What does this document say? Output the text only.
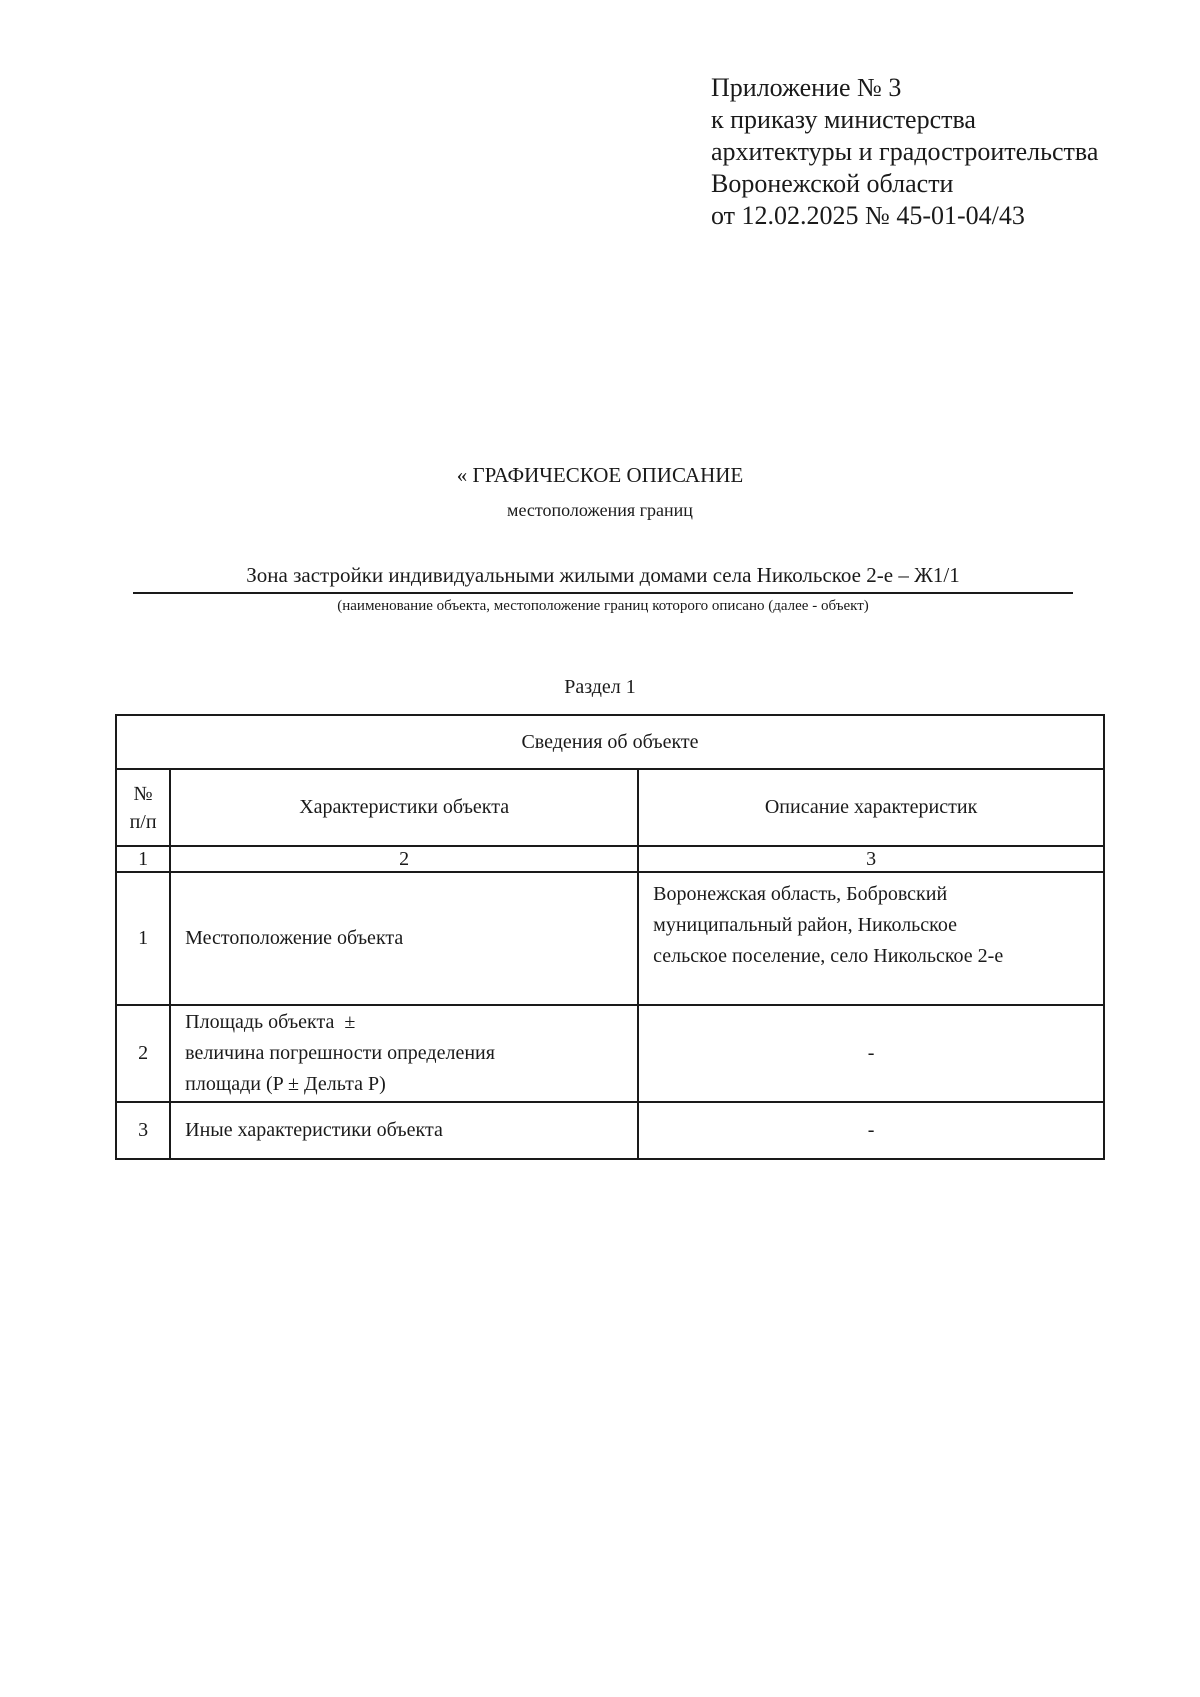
Приложение № 3
к приказу министерства
архитектуры и градостроительства
Воронежской области
от 12.02.2025 № 45-01-04/43
« ГРАФИЧЕСКОЕ ОПИСАНИЕ
местоположения границ
Зона застройки индивидуальными жилыми домами села Никольское 2-е – Ж1/1
(наименование объекта, местоположение границ которого описано (далее - объект)
Раздел 1
Сведения об объекте		

№
п/п	Характеристики объекта	Описание характеристик
1	2	3
1	Местоположение объекта	Воронежская область, Бобровский
муниципальный район, Никольское
сельское поселение, село Никольское 2-е

2	Площадь объекта  ±
величина погрешности определения
площади (P ± Дельта P)	-
3	Иные характеристики объекта	-
